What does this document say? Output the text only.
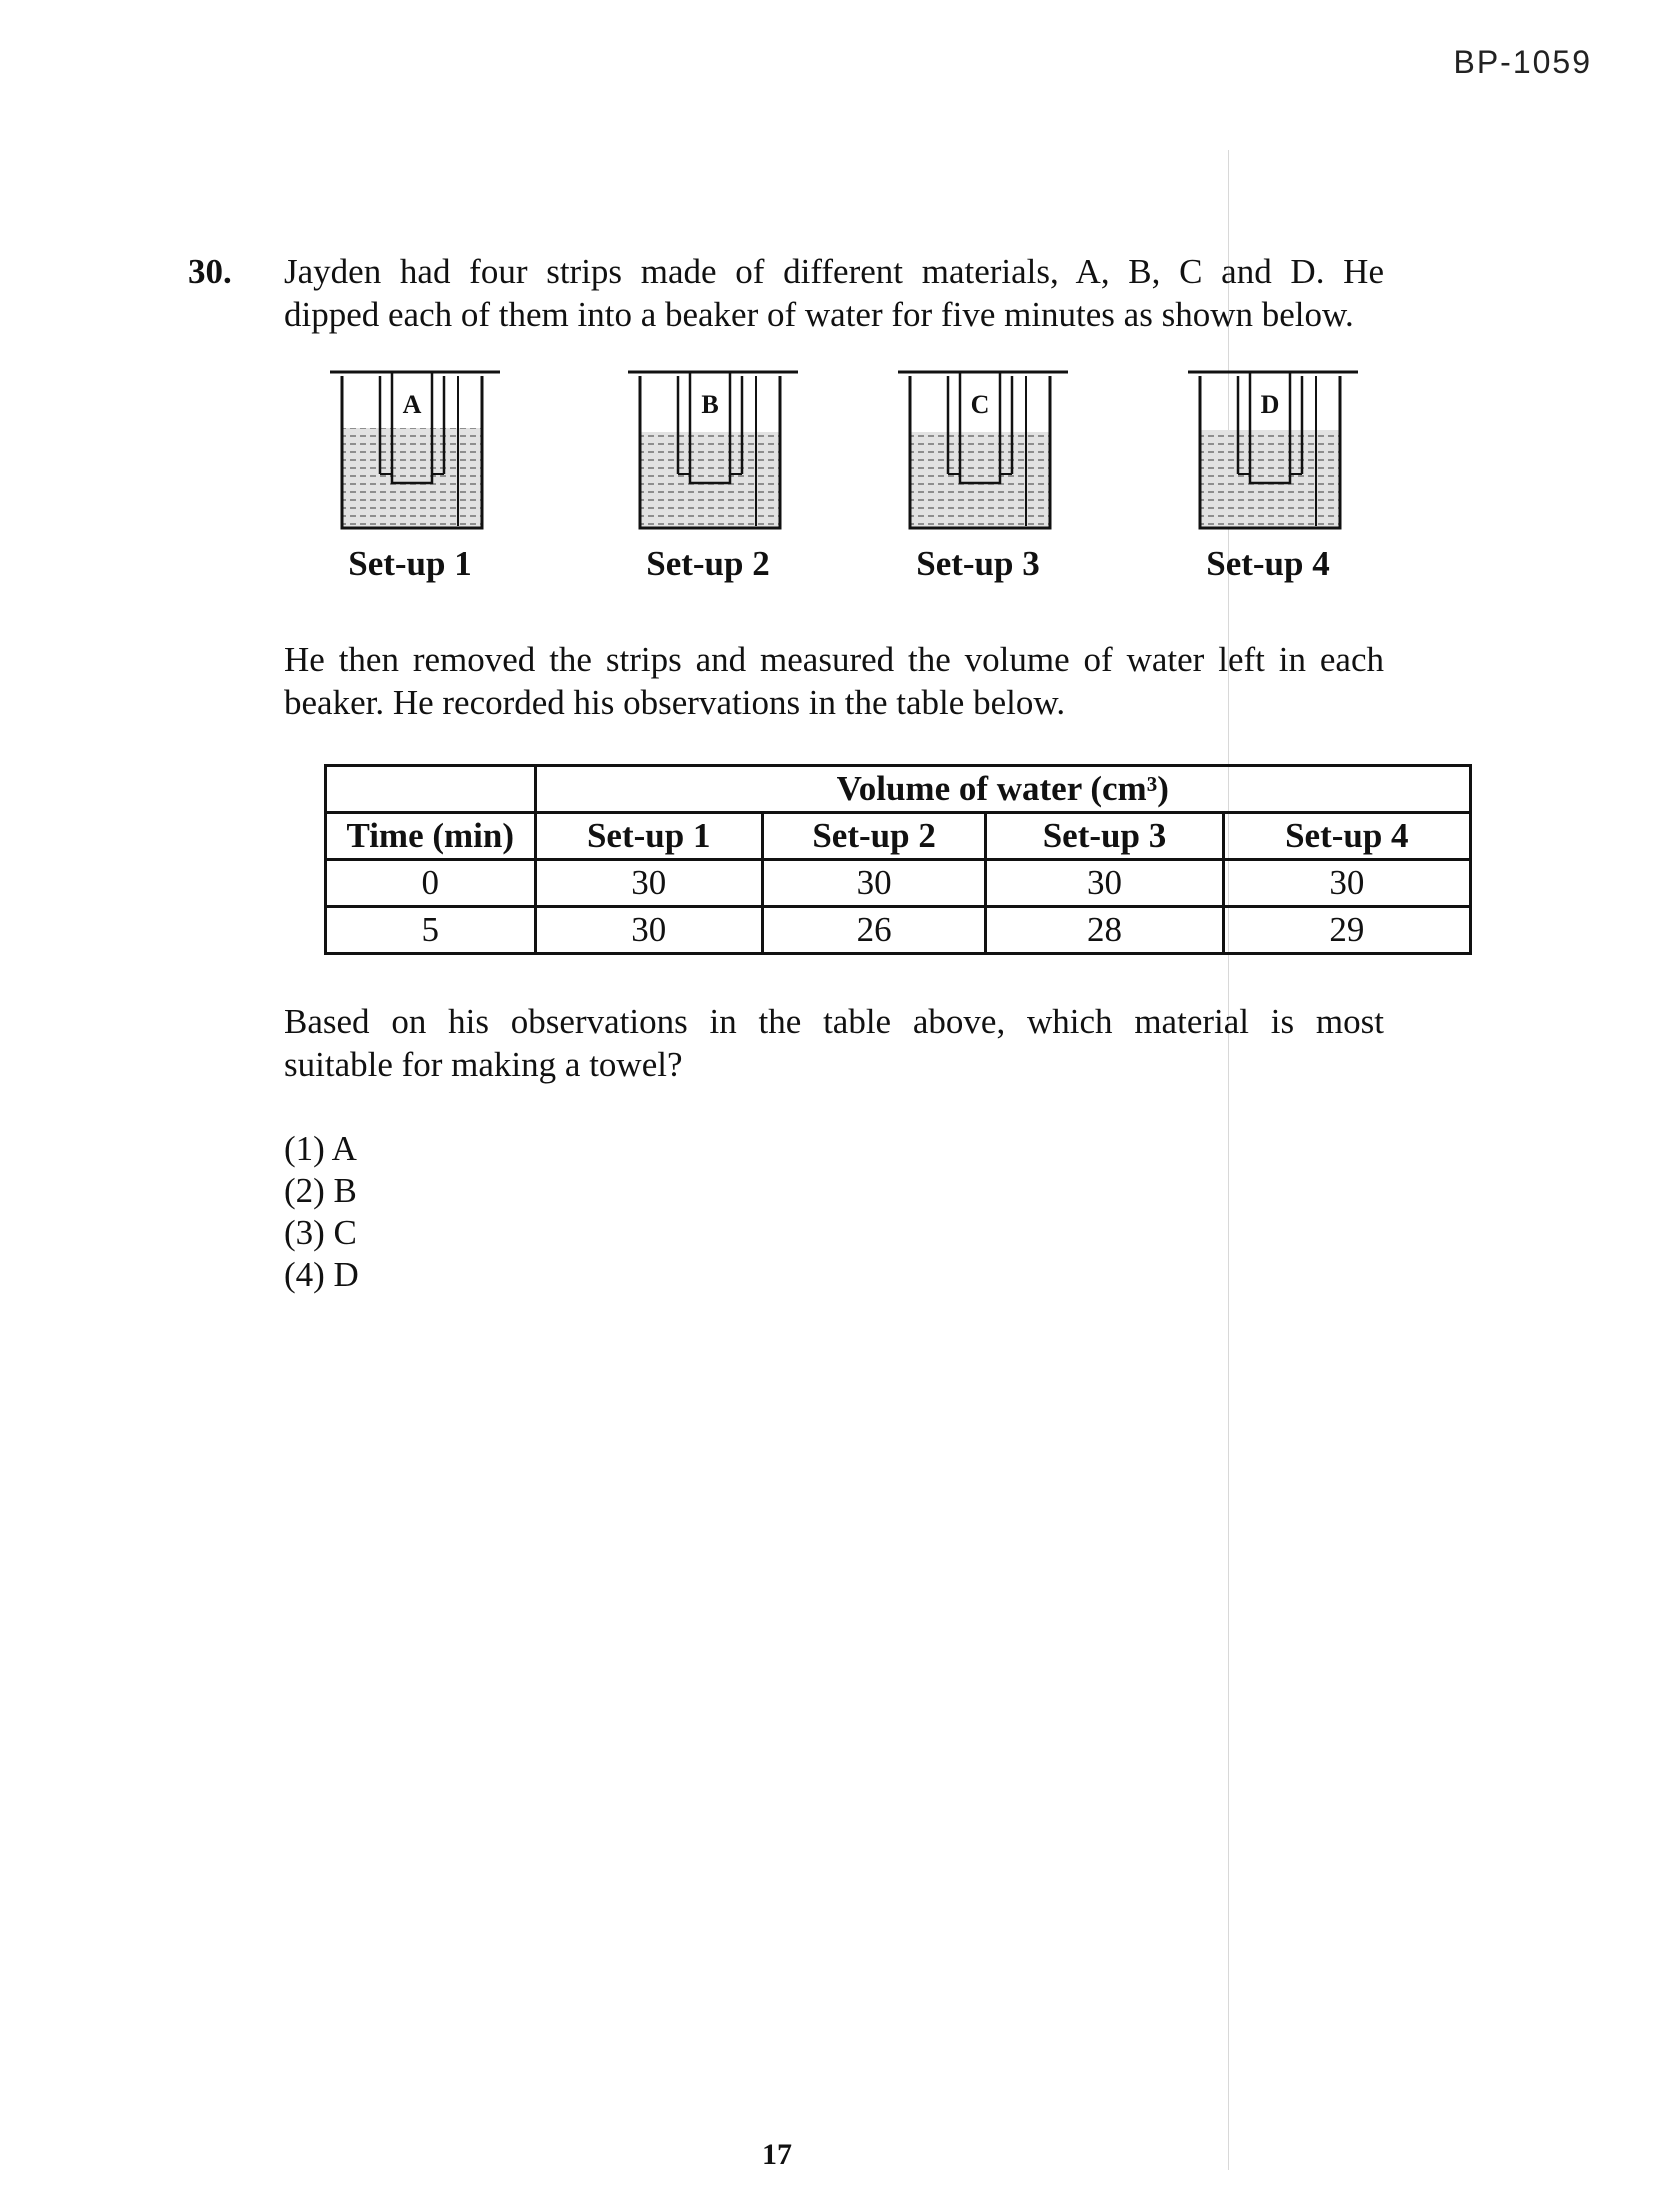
BP-1059
30. Jayden had four strips made of different materials, A, B, C and D. He
dipped each of them into a beaker of water for five minutes as shown below.

A
Set-up 1
B
Set-up 2
C
Set-up 3
D
Set-up 4

He then removed the strips and measured the volume of water left in each
beaker. He recorded his observations in the table below.

	Volume of water (cm³)			
Time (min)	Set-up 1	Set-up 2	Set-up 3	Set-up 4
0	30	30	30	30
5	30	26	28	29

Based on his observations in the table above, which material is most
suitable for making a towel?

(1) A
(2) B
(3) C
(4) D
17
